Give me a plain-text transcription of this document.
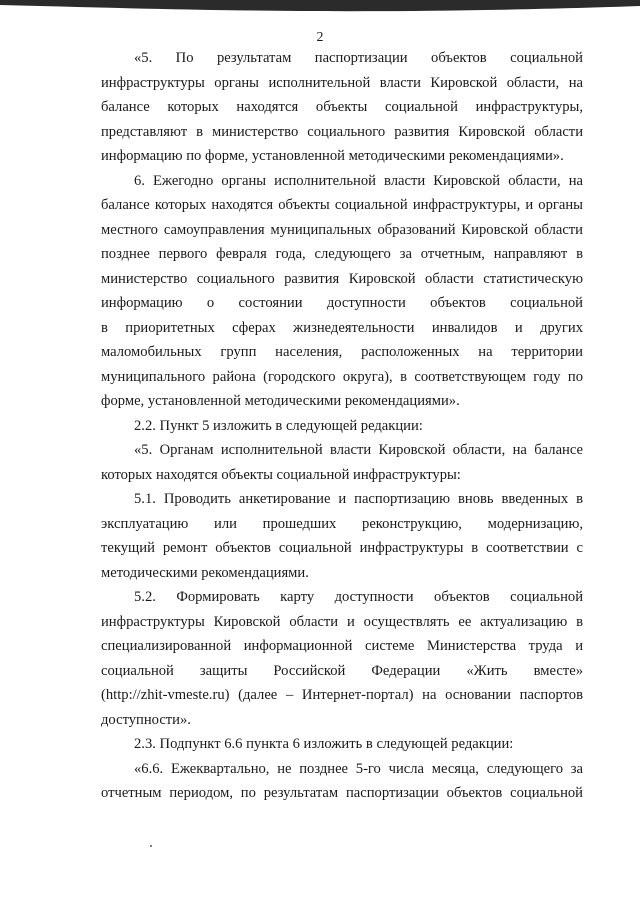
2
«5. По результатам паспортизации объектов социальной
инфраструктуры органы исполнительной власти Кировской области, на
балансе которых находятся объекты социальной инфраструктуры,
представляют в министерство социального развития Кировской области
информацию по форме, установленной методическими рекомендациями».
6. Ежегодно органы исполнительной власти Кировской области, на
балансе которых находятся объекты социальной инфраструктуры, и органы
местного самоуправления муниципальных образований Кировской области
позднее первого февраля года, следующего за отчетным, направляют в
министерство социального развития Кировской области статистическую
информацию о состоянии доступности объектов социальной
в приоритетных сферах жизнедеятельности инвалидов и других
маломобильных групп населения, расположенных на территории
муниципального района (городского округа), в соответствующем году по
форме, установленной методическими рекомендациями».
2.2. Пункт 5 изложить в следующей редакции:
«5. Органам исполнительной власти Кировской области, на балансе
которых находятся объекты социальной инфраструктуры:
5.1. Проводить анкетирование и паспортизацию вновь введенных в
эксплуатацию или прошедших реконструкцию, модернизацию,
текущий ремонт объектов социальной инфраструктуры в соответствии с
методическими рекомендациями.
5.2. Формировать карту доступности объектов социальной
инфраструктуры Кировской области и осуществлять ее актуализацию в
специализированной информационной системе Министерства труда и
социальной защиты Российской Федерации «Жить вместе»
(http://zhit-vmeste.ru) (далее – Интернет-портал) на основании паспортов
доступности».
2.3. Подпункт 6.6 пункта 6 изложить в следующей редакции:
«6.6. Ежеквартально, не позднее 5-го числа месяца, следующего за
отчетным периодом, по результатам паспортизации объектов социальной
